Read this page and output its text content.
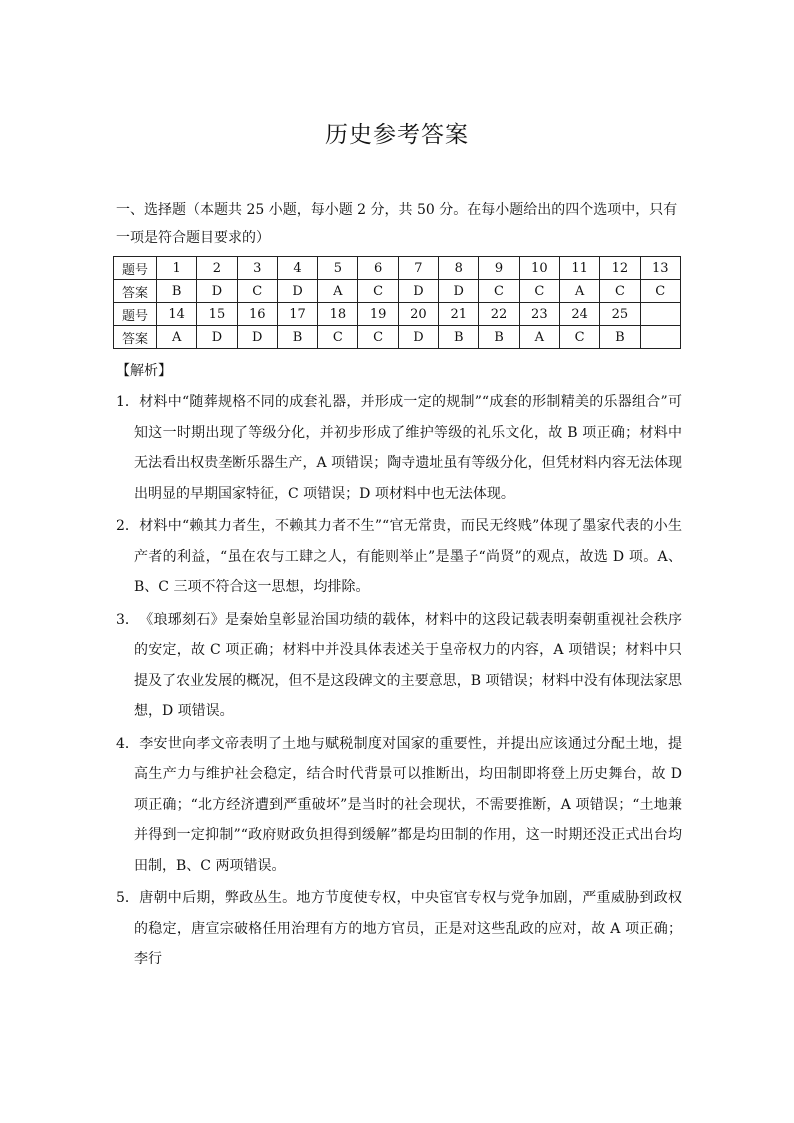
历史参考答案
一、选择题（本题共 25 小题，每小题 2 分，共 50 分。在每小题给出的四个选项中，只有一项是符合题目要求的）
题号	1	2	3	4	5	6	7	8	9	10	11	12	13
答案	B	D	C	D	A	C	D	D	C	C	A	C	C
题号	14	15	16	17	18	19	20	21	22	23	24	25	
答案	A	D	D	B	C	C	D	B	B	A	C	B	
【解析】

1．材料中“随葬规格不同的成套礼器，并形成一定的规制”“成套的形制精美的乐器组合”可知这一时期出现了等级分化，并初步形成了维护等级的礼乐文化，故 B 项正确；材料中无法看出权贵垄断乐器生产，A 项错误；陶寺遗址虽有等级分化，但凭材料内容无法体现出明显的早期国家特征，C 项错误；D 项材料中也无法体现。

2．材料中“赖其力者生，不赖其力者不生”“官无常贵，而民无终贱”体现了墨家代表的小生产者的利益，“虽在农与工肆之人，有能则举止”是墨子“尚贤”的观点，故选 D 项。A、B、C 三项不符合这一思想，均排除。

3．《琅琊刻石》是秦始皇彰显治国功绩的载体，材料中的这段记载表明秦朝重视社会秩序的安定，故 C 项正确；材料中并没具体表述关于皇帝权力的内容，A 项错误；材料中只提及了农业发展的概况，但不是这段碑文的主要意思，B 项错误；材料中没有体现法家思想，D 项错误。

4．李安世向孝文帝表明了土地与赋税制度对国家的重要性，并提出应该通过分配土地，提高生产力与维护社会稳定，结合时代背景可以推断出，均田制即将登上历史舞台，故 D 项正确；“北方经济遭到严重破坏”是当时的社会现状，不需要推断，A 项错误；“土地兼并得到一定抑制”“政府财政负担得到缓解”都是均田制的作用，这一时期还没正式出台均田制，B、C 两项错误。

5．唐朝中后期，弊政丛生。地方节度使专权，中央宦官专权与党争加剧，严重威胁到政权的稳定，唐宣宗破格任用治理有方的地方官员，正是对这些乱政的应对，故 A 项正确；李行
